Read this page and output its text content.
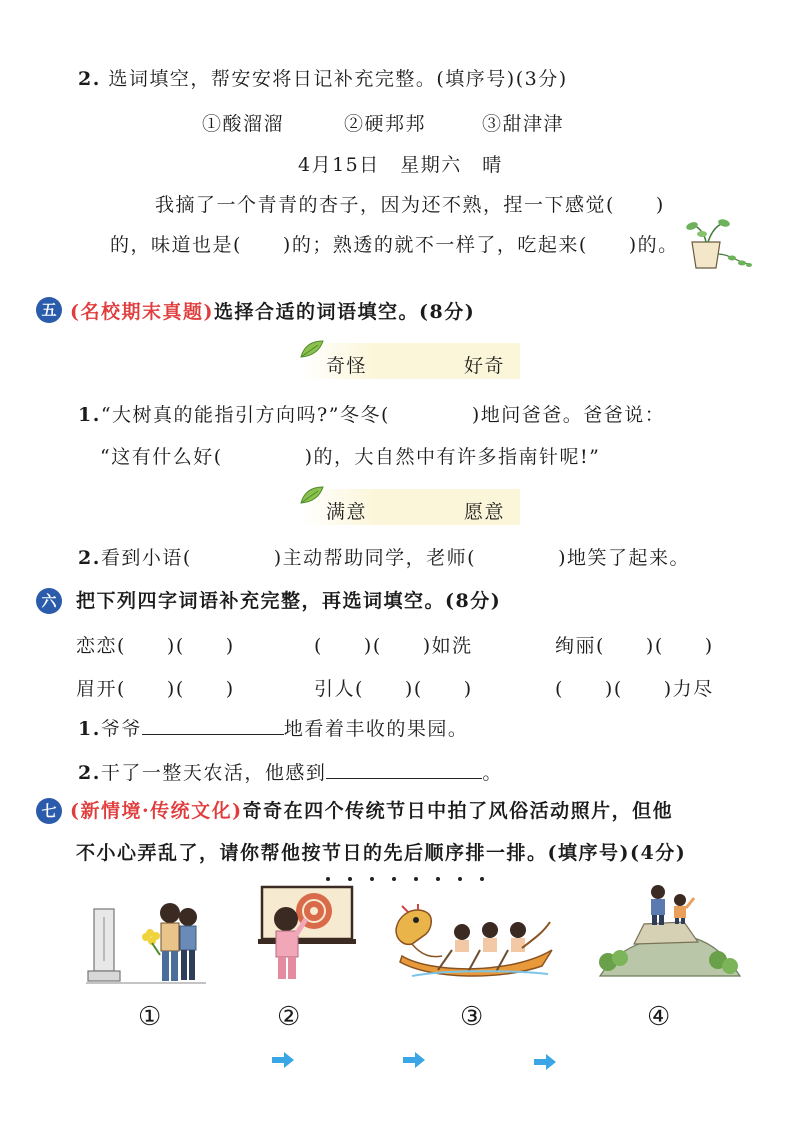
2. 选词填空，帮安安将日记补充完整。(填序号)(3分)
①酸溜溜	②硬邦邦	③甜津津
4月15日　星期六　晴
我摘了一个青青的杏子，因为还不熟，捏一下感觉(　　)
的，味道也是(　　)的；熟透的就不一样了，吃起来(　　)的。
五 (名校期末真题)选择合适的词语填空。(8分)
奇怪	好奇
1.“大树真的能指引方向吗?”冬冬(　　　　)地问爸爸。爸爸说：
“这有什么好(　　　　)的，大自然中有许多指南针呢!”
满意	愿意
2.看到小语(　　　　)主动帮助同学，老师(　　　　)地笑了起来。
六 把下列四字词语补充完整，再选词填空。(8分)
恋恋(　　)(　　)	(　　)(　　)如洗	绚丽(　　)(　　)
眉开(　　)(　　)	引人(　　)(　　)	(　　)(　　)力尽
1.爷爷	地看着丰收的果园。
2.干了一整天农活，他感到	。
七 (新情境·传统文化)奇奇在四个传统节日中拍了风俗活动照片，但他
不小心弄乱了，请你帮他按节日的先后顺序排一排。(填序号)(4分)
①	②	③	④
